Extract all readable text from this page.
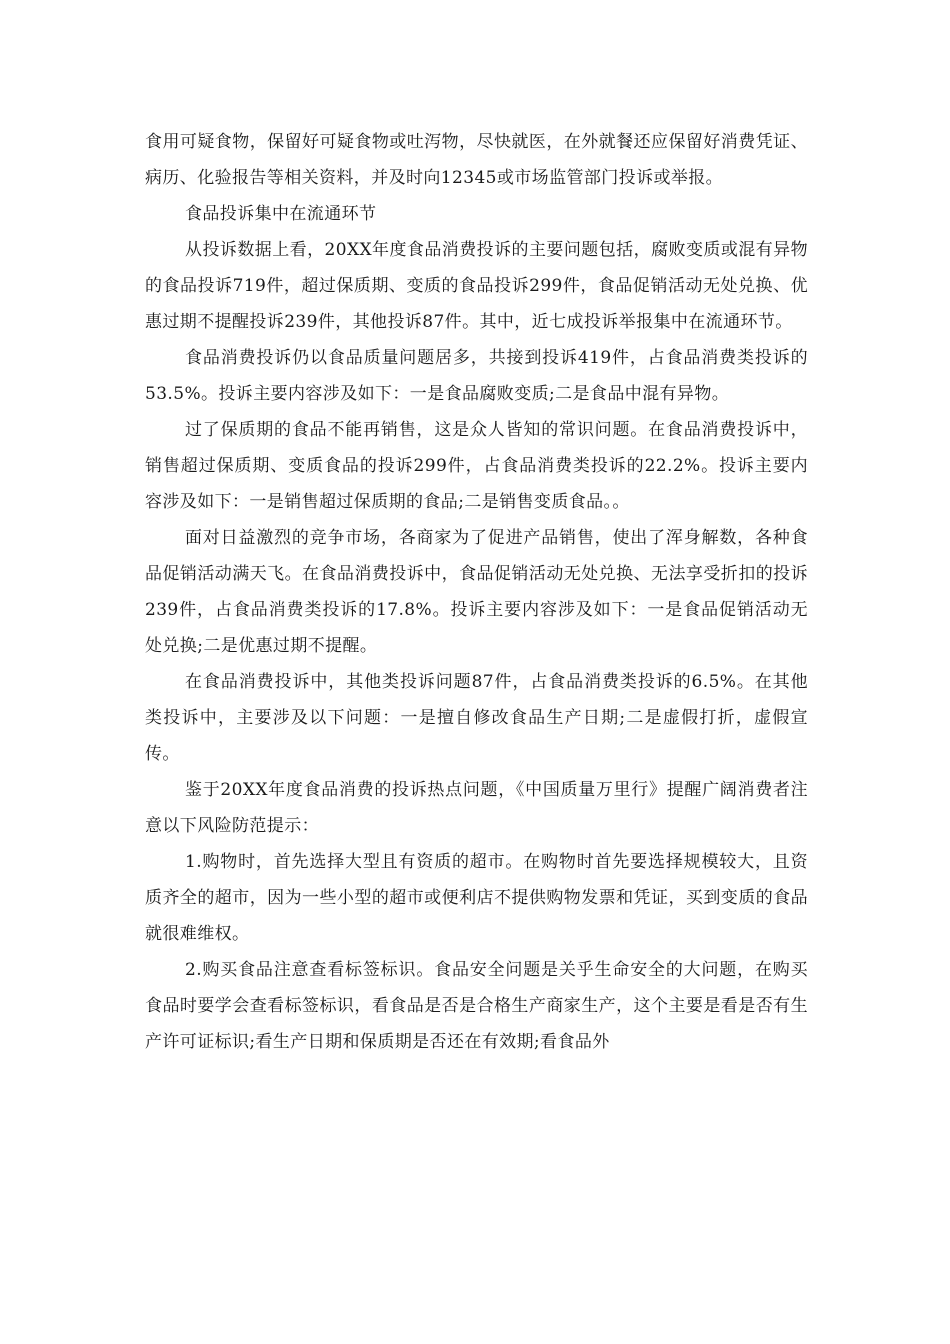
食用可疑食物，保留好可疑食物或吐泻物，尽快就医，在外就餐还应保留好消费凭证、病历、化验报告等相关资料，并及时向12345或市场监管部门投诉或举报。

食品投诉集中在流通环节

从投诉数据上看，20XX年度食品消费投诉的主要问题包括，腐败变质或混有异物的食品投诉719件，超过保质期、变质的食品投诉299件，食品促销活动无处兑换、优惠过期不提醒投诉239件，其他投诉87件。其中，近七成投诉举报集中在流通环节。

食品消费投诉仍以食品质量问题居多，共接到投诉419件，占食品消费类投诉的53.5%。投诉主要内容涉及如下：一是食品腐败变质;二是食品中混有异物。

过了保质期的食品不能再销售，这是众人皆知的常识问题。在食品消费投诉中，销售超过保质期、变质食品的投诉299件，占食品消费类投诉的22.2%。投诉主要内容涉及如下：一是销售超过保质期的食品;二是销售变质食品。。

面对日益激烈的竞争市场，各商家为了促进产品销售，使出了浑身解数，各种食品促销活动满天飞。在食品消费投诉中，食品促销活动无处兑换、无法享受折扣的投诉239件，占食品消费类投诉的17.8%。投诉主要内容涉及如下：一是食品促销活动无处兑换;二是优惠过期不提醒。

在食品消费投诉中，其他类投诉问题87件，占食品消费类投诉的6.5%。在其他类投诉中，主要涉及以下问题：一是擅自修改食品生产日期;二是虚假打折，虚假宣传。

鉴于20XX年度食品消费的投诉热点问题，《中国质量万里行》提醒广阔消费者注意以下风险防范提示：

1.购物时，首先选择大型且有资质的超市。在购物时首先要选择规模较大，且资质齐全的超市，因为一些小型的超市或便利店不提供购物发票和凭证，买到变质的食品就很难维权。

2.购买食品注意查看标签标识。食品安全问题是关乎生命安全的大问题，在购买食品时要学会查看标签标识，看食品是否是合格生产商家生产，这个主要是看是否有生产许可证标识;看生产日期和保质期是否还在有效期;看食品外
